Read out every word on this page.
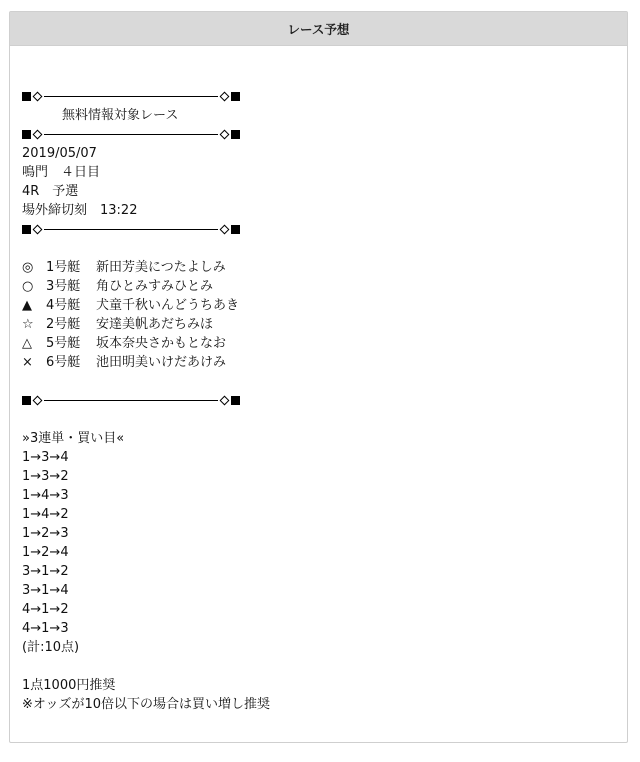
レース予想
無料情報対象レース
2019/05/07
鳴門　４日目
4R　予選
場外締切刻　13:22
◎ 1号艇 新田芳美につたよしみ
○ 3号艇 角ひとみすみひとみ
▲ 4号艇 犬童千秋いんどうちあき
☆ 2号艇 安達美帆あだちみほ
△ 5号艇 坂本奈央さかもとなお
× 6号艇 池田明美いけだあけみ
»3連単・買い目«
1→3→4
1→3→2
1→4→3
1→4→2
1→2→3
1→2→4
3→1→2
3→1→4
4→1→2
4→1→3
(計:10点)
1点1000円推奨
※オッズが10倍以下の場合は買い増し推奨
